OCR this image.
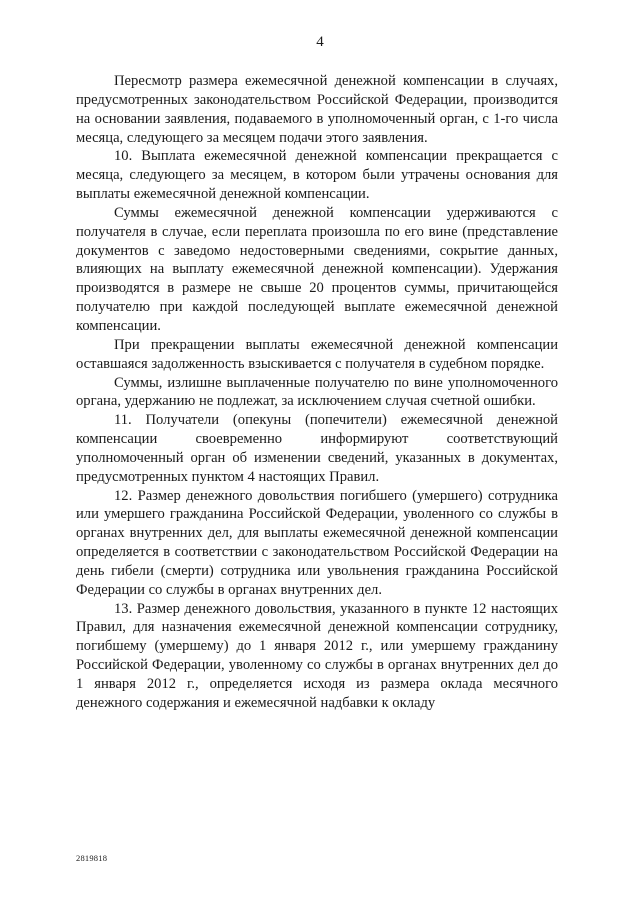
4

Пересмотр размера ежемесячной денежной компенсации в случаях, предусмотренных законодательством Российской Федерации, производится на основании заявления, подаваемого в уполномоченный орган, с 1-го числа месяца, следующего за месяцем подачи этого заявления.

10. Выплата ежемесячной денежной компенсации прекращается с месяца, следующего за месяцем, в котором были утрачены основания для выплаты ежемесячной денежной компенсации.

Суммы ежемесячной денежной компенсации удерживаются с получателя в случае, если переплата произошла по его вине (представление документов с заведомо недостоверными сведениями, сокрытие данных, влияющих на выплату ежемесячной денежной компенсации). Удержания производятся в размере не свыше 20 процентов суммы, причитающейся получателю при каждой последующей выплате ежемесячной денежной компенсации.

При прекращении выплаты ежемесячной денежной компенсации оставшаяся задолженность взыскивается с получателя в судебном порядке.

Суммы, излишне выплаченные получателю по вине уполномоченного органа, удержанию не подлежат, за исключением случая счетной ошибки.

11. Получатели (опекуны (попечители) ежемесячной денежной компенсации своевременно информируют соответствующий уполномоченный орган об изменении сведений, указанных в документах, предусмотренных пунктом 4 настоящих Правил.

12. Размер денежного довольствия погибшего (умершего) сотрудника или умершего гражданина Российской Федерации, уволенного со службы в органах внутренних дел, для выплаты ежемесячной денежной компенсации определяется в соответствии с законодательством Российской Федерации на день гибели (смерти) сотрудника или увольнения гражданина Российской Федерации со службы в органах внутренних дел.

13. Размер денежного довольствия, указанного в пункте 12 настоящих Правил, для назначения ежемесячной денежной компенсации сотруднику, погибшему (умершему) до 1 января 2012 г., или умершему гражданину Российской Федерации, уволенному со службы в органах внутренних дел до 1 января 2012 г., определяется исходя из размера оклада месячного денежного содержания и ежемесячной надбавки к окладу

2819818
